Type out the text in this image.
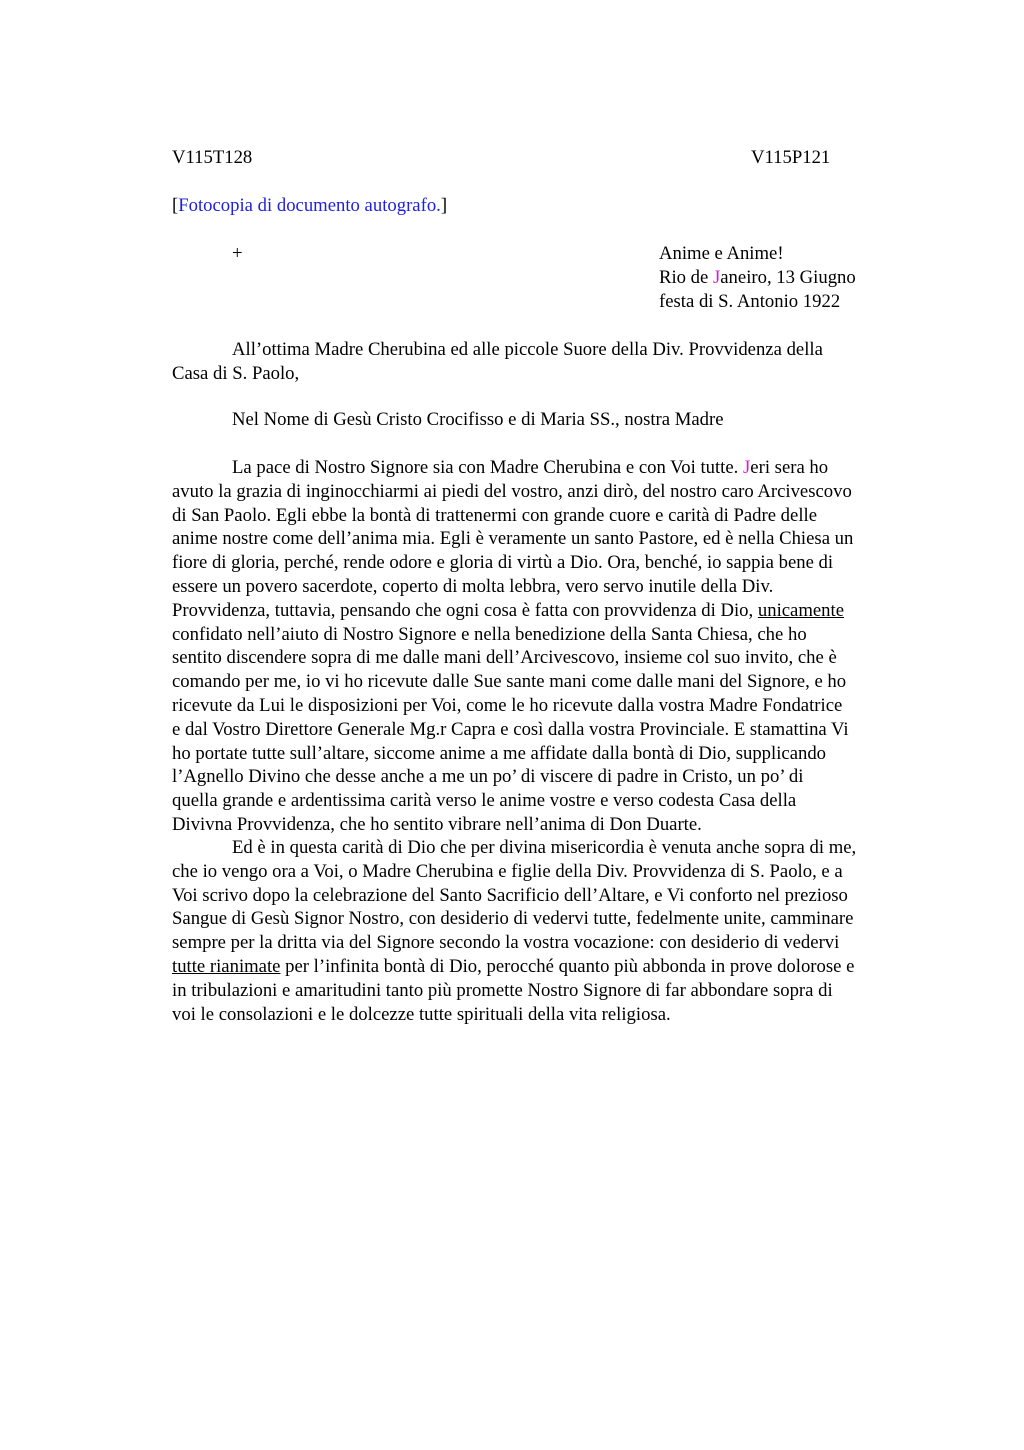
V115T128	V115P121
[Fotocopia di documento autografo.]
+	Anime e Anime!
Rio de Janeiro, 13 Giugno
festa di S. Antonio 1922
All’ottima Madre Cherubina ed alle piccole Suore della Div. Provvidenza della
Casa di S. Paolo,
Nel Nome di Gesù Cristo Crocifisso e di Maria SS., nostra Madre
La pace di Nostro Signore sia con Madre Cherubina e con Voi tutte. Jeri sera ho
avuto la grazia di inginocchiarmi ai piedi del vostro, anzi dirò, del nostro caro Arcivescovo
di San Paolo. Egli ebbe la bontà di trattenermi con grande cuore e carità di Padre delle
anime nostre come dell’anima mia. Egli è veramente un santo Pastore, ed è nella Chiesa un
fiore di gloria, perché, rende odore e gloria di virtù a Dio. Ora, benché, io sappia bene di
essere un povero sacerdote, coperto di molta lebbra, vero servo inutile della Div.
Provvidenza, tuttavia, pensando che ogni cosa è fatta con provvidenza di Dio, unicamente
confidato nell’aiuto di Nostro Signore e nella benedizione della Santa Chiesa, che ho
sentito discendere sopra di me dalle mani dell’Arcivescovo, insieme col suo invito, che è
comando per me, io vi ho ricevute dalle Sue sante mani come dalle mani del Signore, e ho
ricevute da Lui le disposizioni per Voi, come le ho ricevute dalla vostra Madre Fondatrice
e dal Vostro Direttore Generale Mg.r Capra e così dalla vostra Provinciale. E stamattina Vi
ho portate tutte sull’altare, siccome anime a me affidate dalla bontà di Dio, supplicando
l’Agnello Divino che desse anche a me un po’ di viscere di padre in Cristo, un po’ di
quella grande e ardentissima carità verso le anime vostre e verso codesta Casa della
Divivna Provvidenza, che ho sentito vibrare nell’anima di Don Duarte.
Ed è in questa carità di Dio che per divina misericordia è venuta anche sopra di me,
che io vengo ora a Voi, o Madre Cherubina e figlie della Div. Provvidenza di S. Paolo, e a
Voi scrivo dopo la celebrazione del Santo Sacrificio dell’Altare, e Vi conforto nel prezioso
Sangue di Gesù Signor Nostro, con desiderio di vedervi tutte, fedelmente unite, camminare
sempre per la dritta via del Signore secondo la vostra vocazione: con desiderio di vedervi
tutte rianimate per l’infinita bontà di Dio, perocché quanto più abbonda in prove dolorose e
in tribulazioni e amaritudini tanto più promette Nostro Signore di far abbondare sopra di
voi le consolazioni e le dolcezze tutte spirituali della vita religiosa.
